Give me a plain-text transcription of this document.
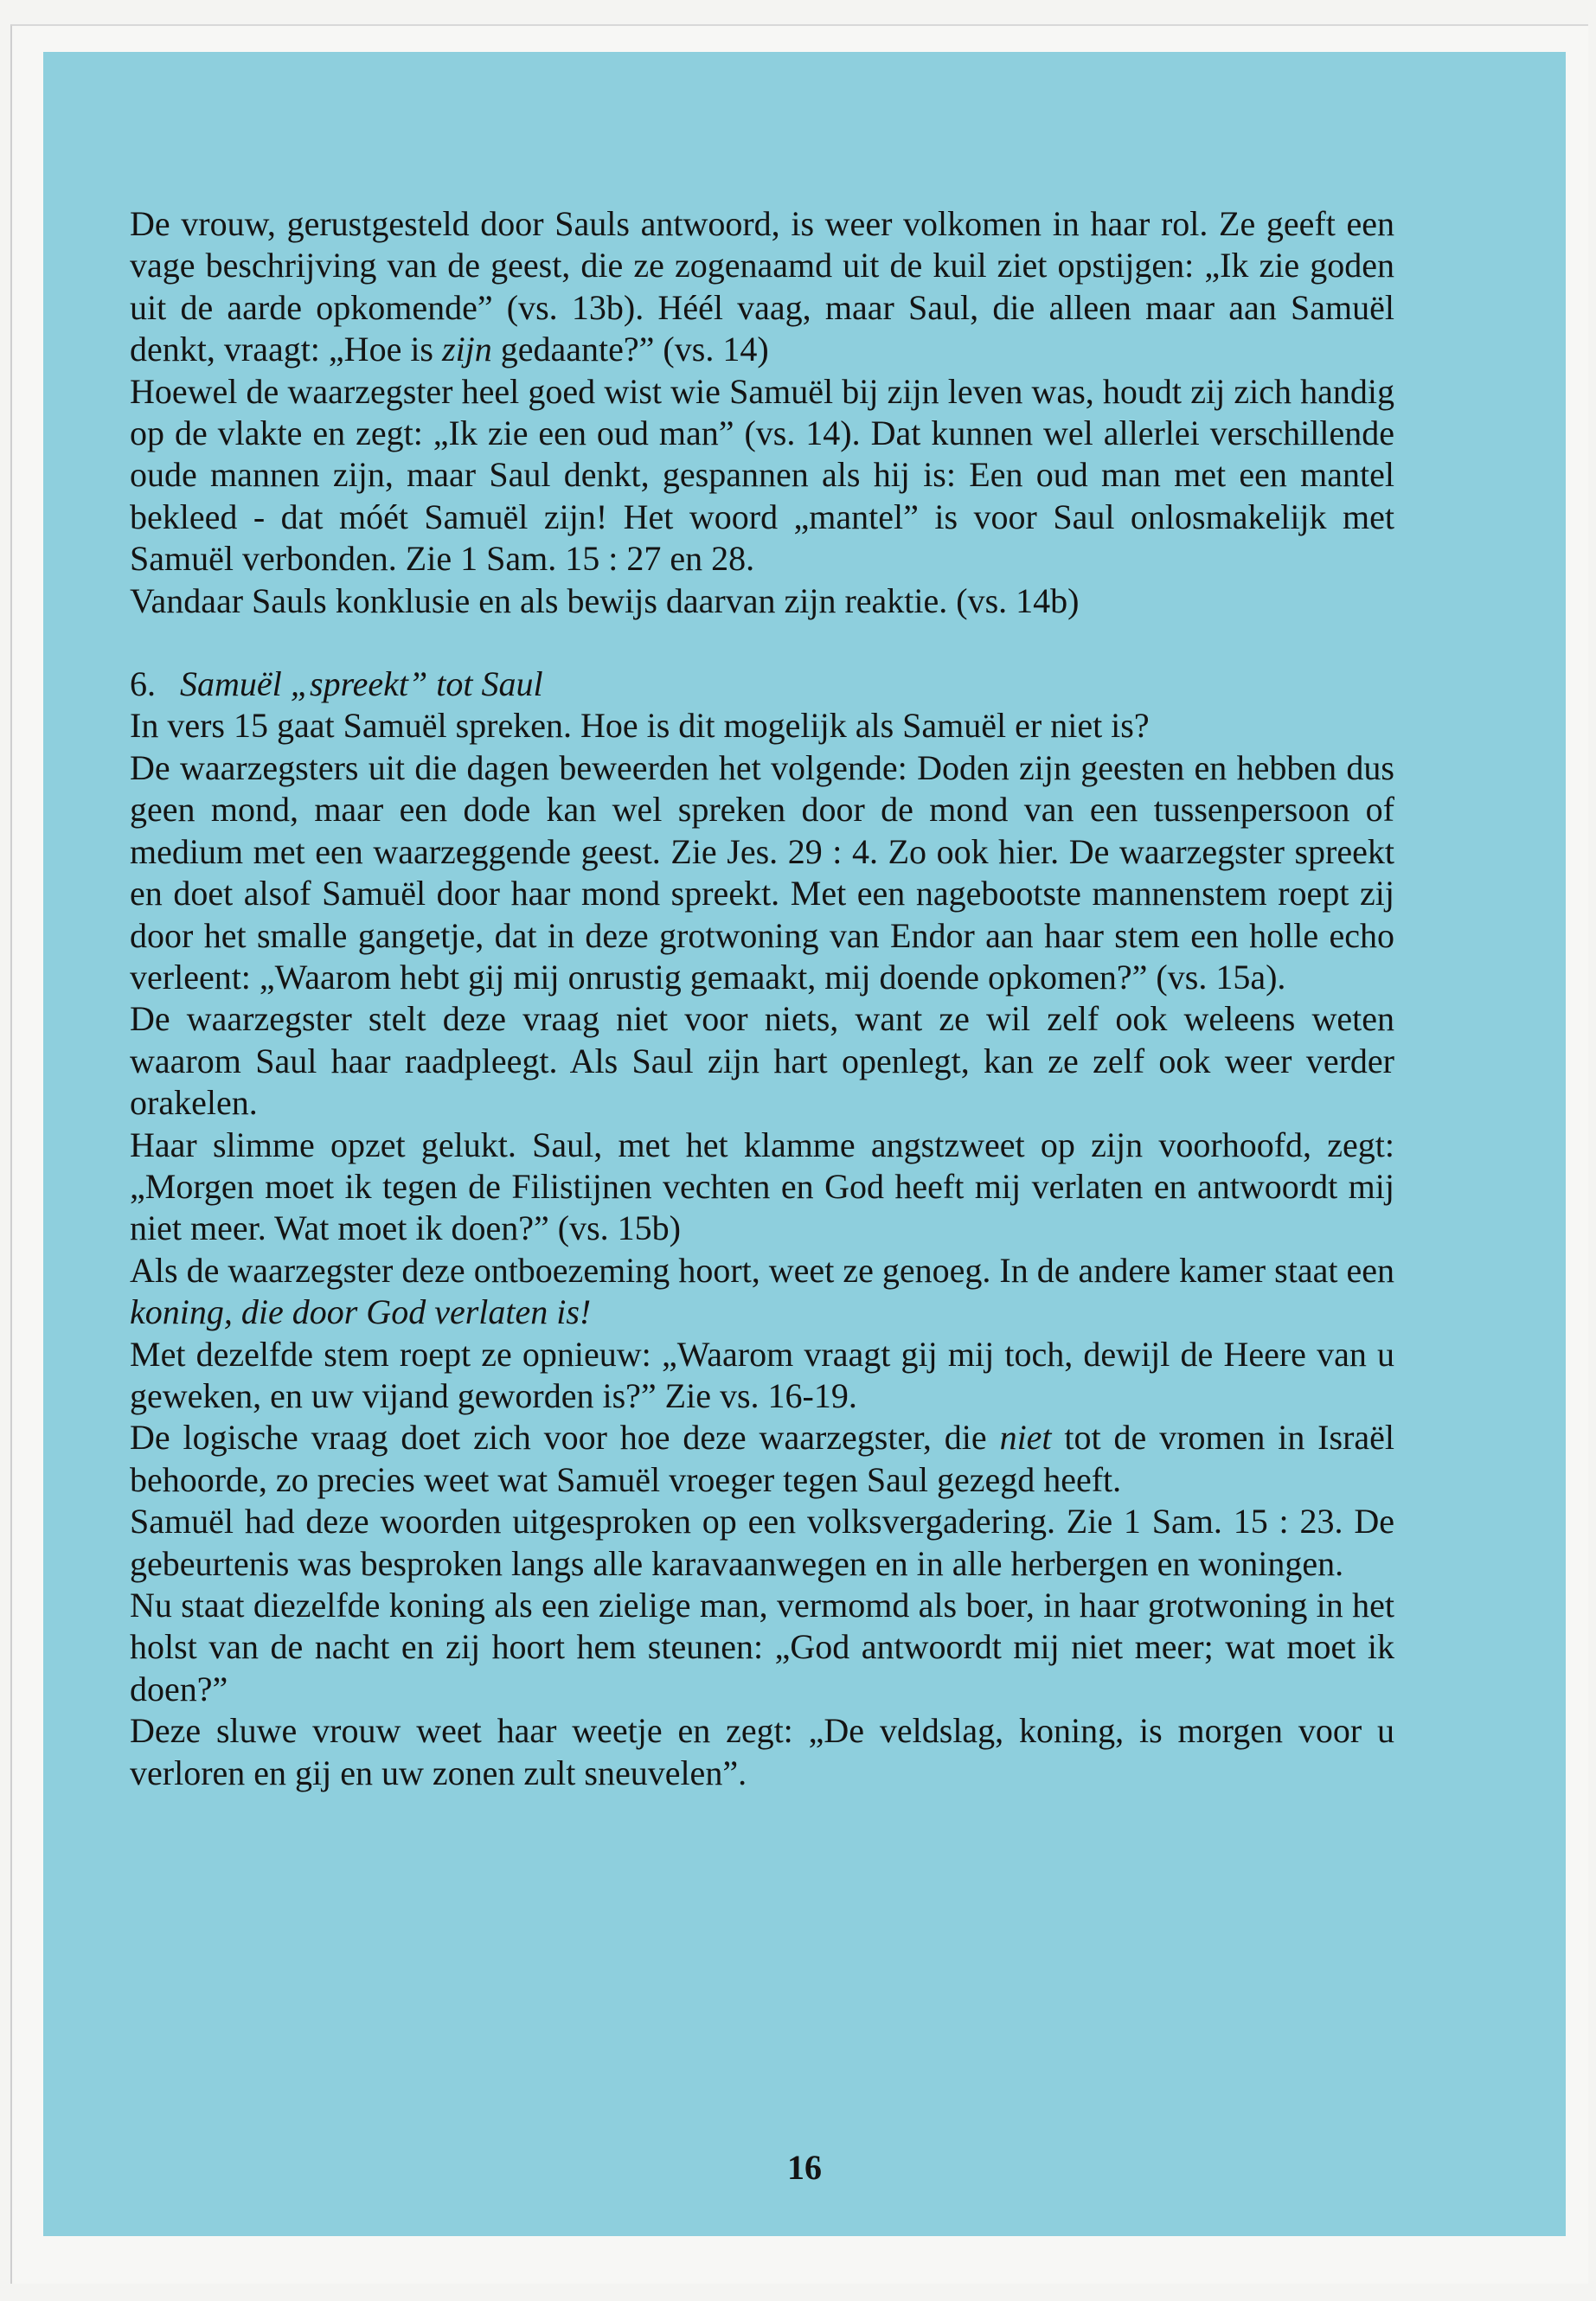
De vrouw, gerustgesteld door Sauls antwoord, is weer volkomen in haar rol. Ze geeft een vage beschrijving van de geest, die ze zogenaamd uit de kuil ziet opstijgen: „Ik zie goden uit de aarde opkomende” (vs. 13b). Héél vaag, maar Saul, die alleen maar aan Samuël denkt, vraagt: „Hoe is zijn gedaante?” (vs. 14)

Hoewel de waarzegster heel goed wist wie Samuël bij zijn leven was, houdt zij zich handig op de vlakte en zegt: „Ik zie een oud man” (vs. 14). Dat kunnen wel allerlei verschillende oude mannen zijn, maar Saul denkt, gespannen als hij is: Een oud man met een mantel bekleed - dat móét Samuël zijn! Het woord „mantel” is voor Saul onlosmakelijk met Samuël verbonden. Zie 1 Sam. 15 : 27 en 28.

Vandaar Sauls konklusie en als bewijs daarvan zijn reaktie. (vs. 14b)

6. Samuël „spreekt” tot Saul

In vers 15 gaat Samuël spreken. Hoe is dit mogelijk als Samuël er niet is?

De waarzegsters uit die dagen beweerden het volgende: Doden zijn geesten en hebben dus geen mond, maar een dode kan wel spreken door de mond van een tussenpersoon of medium met een waarzeggende geest. Zie Jes. 29 : 4. Zo ook hier. De waarzegster spreekt en doet alsof Samuël door haar mond spreekt. Met een nagebootste mannenstem roept zij door het smalle gangetje, dat in deze grotwoning van Endor aan haar stem een holle echo verleent: „Waarom hebt gij mij onrustig gemaakt, mij doende opkomen?” (vs. 15a).

De waarzegster stelt deze vraag niet voor niets, want ze wil zelf ook weleens weten waarom Saul haar raadpleegt. Als Saul zijn hart openlegt, kan ze zelf ook weer verder orakelen.

Haar slimme opzet gelukt. Saul, met het klamme angstzweet op zijn voorhoofd, zegt: „Morgen moet ik tegen de Filistijnen vechten en God heeft mij verlaten en antwoordt mij niet meer. Wat moet ik doen?” (vs. 15b)

Als de waarzegster deze ontboezeming hoort, weet ze genoeg. In de andere kamer staat een koning, die door God verlaten is!

Met dezelfde stem roept ze opnieuw: „Waarom vraagt gij mij toch, dewijl de Heere van u geweken, en uw vijand geworden is?” Zie vs. 16-19.

De logische vraag doet zich voor hoe deze waarzegster, die niet tot de vromen in Israël behoorde, zo precies weet wat Samuël vroeger tegen Saul gezegd heeft.

Samuël had deze woorden uitgesproken op een volksvergadering. Zie 1 Sam. 15 : 23. De gebeurtenis was besproken langs alle karavaanwegen en in alle herbergen en woningen.

Nu staat diezelfde koning als een zielige man, vermomd als boer, in haar grotwoning in het holst van de nacht en zij hoort hem steunen: „God antwoordt mij niet meer; wat moet ik doen?”

Deze sluwe vrouw weet haar weetje en zegt: „De veldslag, koning, is morgen voor u verloren en gij en uw zonen zult sneuvelen”.

16
